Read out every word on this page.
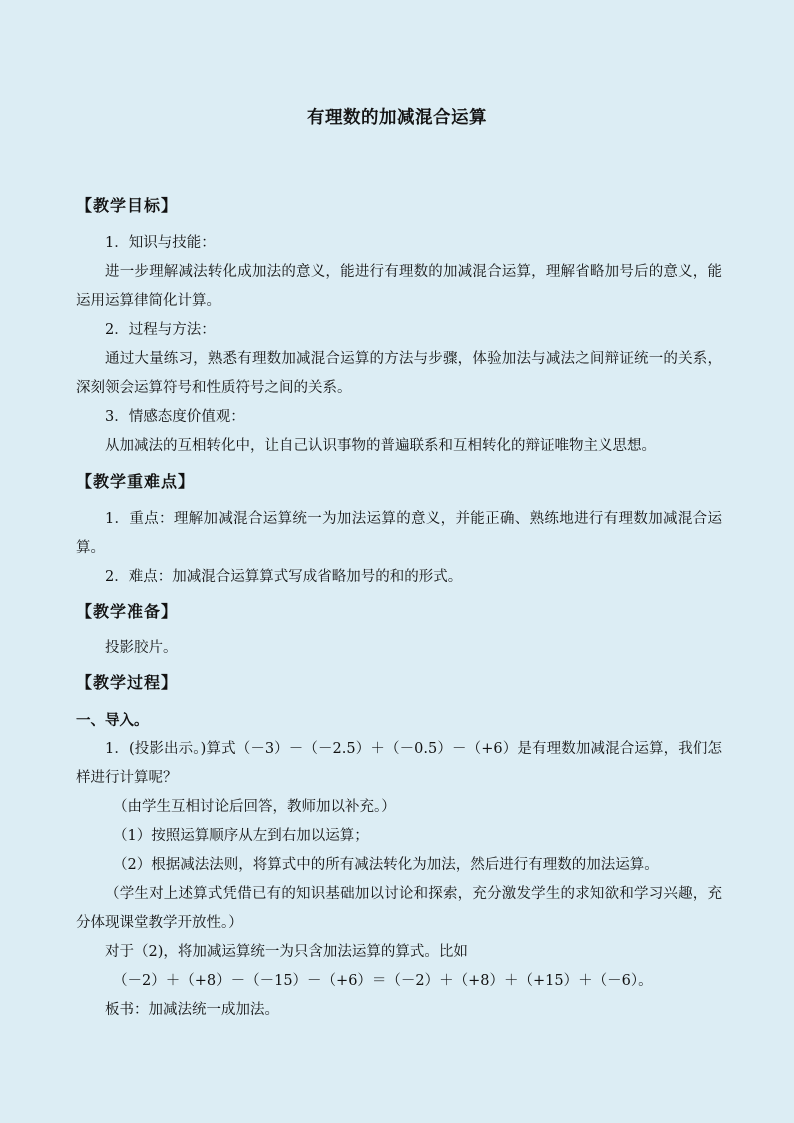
有理数的加减混合运算
【教学目标】
1．知识与技能：
进一步理解减法转化成加法的意义，能进行有理数的加减混合运算，理解省略加号后的意义，能运用运算律简化计算。
2．过程与方法：
通过大量练习，熟悉有理数加减混合运算的方法与步骤，体验加法与减法之间辩证统一的关系，深刻领会运算符号和性质符号之间的关系。
3．情感态度价值观：
从加减法的互相转化中，让自己认识事物的普遍联系和互相转化的辩证唯物主义思想。
【教学重难点】
1．重点：理解加减混合运算统一为加法运算的意义，并能正确、熟练地进行有理数加减混合运算。
2．难点：加减混合运算算式写成省略加号的和的形式。
【教学准备】
投影胶片。
【教学过程】
一、导入。
1．(投影出示。)算式（－3）－（－2.5）＋（－0.5）－（+6）是有理数加减混合运算，我们怎样进行计算呢？
（由学生互相讨论后回答，教师加以补充。）
（1）按照运算顺序从左到右加以运算；
（2）根据减法法则，将算式中的所有减法转化为加法，然后进行有理数的加法运算。
（学生对上述算式凭借已有的知识基础加以讨论和探索，充分激发学生的求知欲和学习兴趣，充分体现课堂教学开放性。）
对于（2)，将加减运算统一为只含加法运算的算式。比如
（－2）＋（+8）－（－15）－（+6）＝（－2）＋（+8）＋（+15）＋（－6）。
板书：加减法统一成加法。
